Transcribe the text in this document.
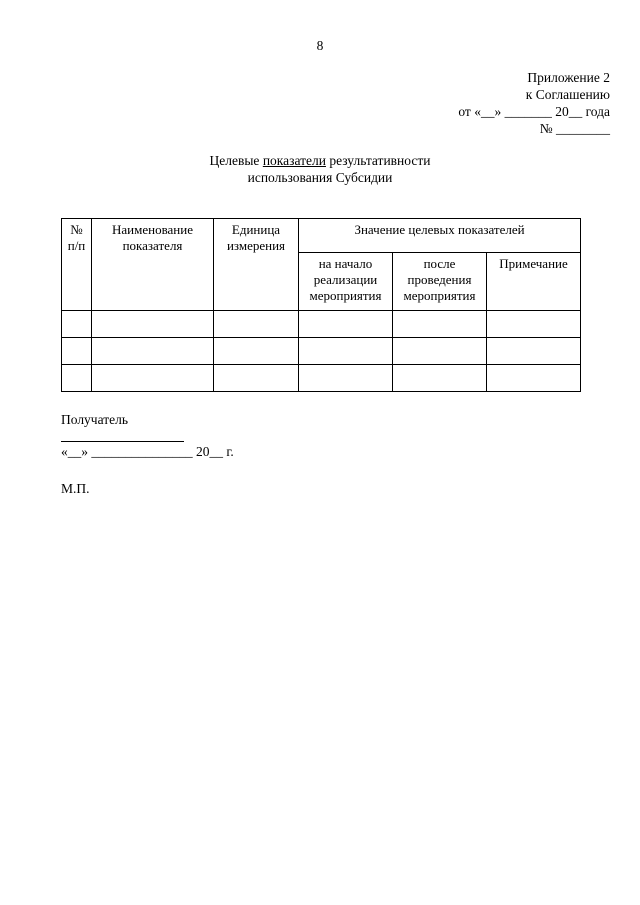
8
Приложение 2
к Соглашению
от «__» _______ 20__ года
№ ________
Целевые показатели результативности
использования Субсидии
№ п/п	Наименование показателя	Единица измерения	Значение целевых показателей		
			на начало реализации мероприятия	после проведения мероприятия	Примечание

Получатель
«__» _______________ 20__ г.
М.П.
